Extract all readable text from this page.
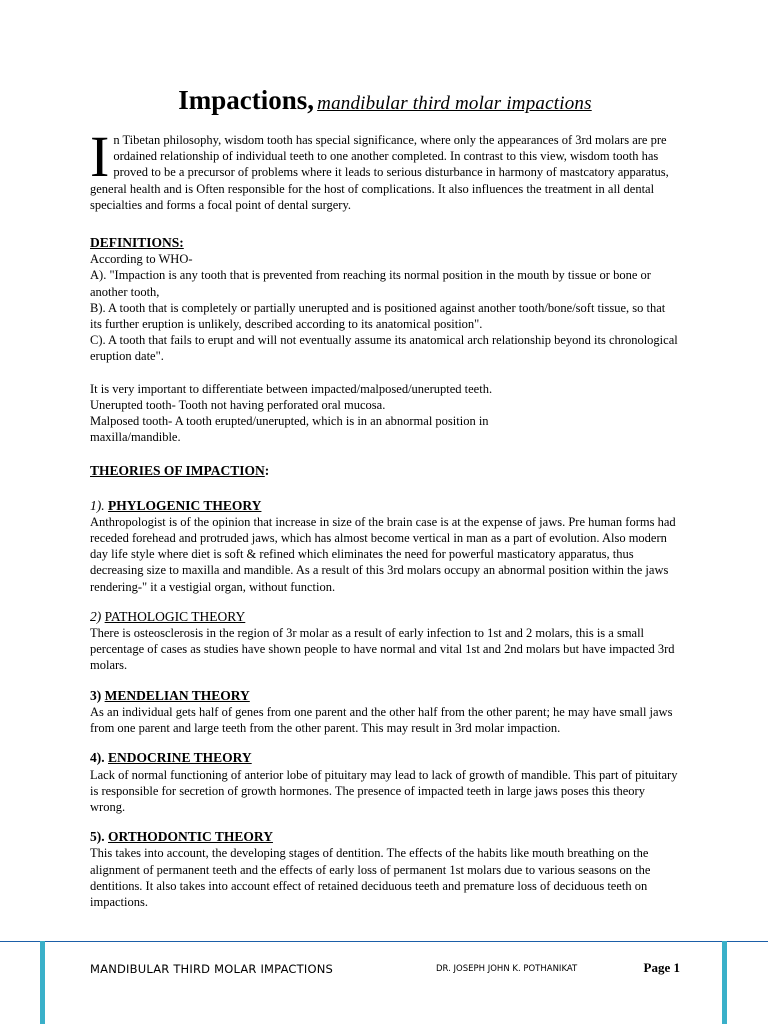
Impactions, mandibular third molar impactions
I n Tibetan philosophy, wisdom tooth has special significance, where only the appearances of 3rd molars are pre ordained relationship of individual teeth to one another completed. In contrast to this view, wisdom tooth has proved to be a precursor of problems where it leads to serious disturbance in harmony of mastcatory apparatus, general health and is Often responsible for the host of complications. It also influences the treatment in all dental specialties and forms a focal point of dental surgery.

DEFINITIONS:

According to WHO-

A). "Impaction is any tooth that is prevented from reaching its normal position in the mouth by tissue or bone or another tooth,

B). A tooth that is completely or partially unerupted and is positioned against another tooth/bone/soft tissue, so that its further eruption is unlikely, described according to its anatomical position".

C). A tooth that fails to erupt and will not eventually assume its anatomical arch relationship beyond its chronological eruption date".

It is very important to differentiate between impacted/malposed/unerupted teeth.

Unerupted tooth- Tooth not having perforated oral mucosa.

Malposed tooth- A tooth erupted/unerupted, which is in an abnormal position in maxilla/mandible.

THEORIES OF IMPACTION:
1). PHYLOGENIC THEORY

Anthropologist is of the opinion that increase in size of the brain case is at the expense of jaws. Pre human forms had receded forehead and protruded jaws, which has almost become vertical in man as a part of evolution. Also modern day life style where diet is soft & refined which eliminates the need for powerful masticatory apparatus, thus decreasing size to maxilla and mandible. As a result of this 3rd molars occupy an abnormal position within the jaws rendering-" it a vestigial organ, without function.

2) PATHOLOGIC THEORY

There is osteosclerosis in the region of 3r molar as a result of early infection to 1st and 2 molars, this is a small percentage of cases as studies have shown people to have normal and vital 1st and 2nd molars but have impacted 3rd molars.

3) MENDELIAN THEORY

As an individual gets half of genes from one parent and the other half from the other parent; he may have small jaws from one parent and large teeth from the other parent. This may result in 3rd molar impaction.

4). ENDOCRINE THEORY

Lack of normal functioning of anterior lobe of pituitary may lead to lack of growth of mandible. This part of pituitary is responsible for secretion of growth hormones. The presence of impacted teeth in large jaws poses this theory wrong.

5). ORTHODONTIC THEORY

This takes into account, the developing stages of dentition. The effects of the habits like mouth breathing on the alignment of permanent teeth and the effects of early loss of permanent 1st molars due to various seasons on the dentitions. It also takes into account effect of retained deciduous teeth and premature loss of deciduous teeth on impactions.

MANDIBULAR THIRD MOLAR IMPACTIONS	DR. JOSEPH JOHN K. POTHANIKAT	Page 1
